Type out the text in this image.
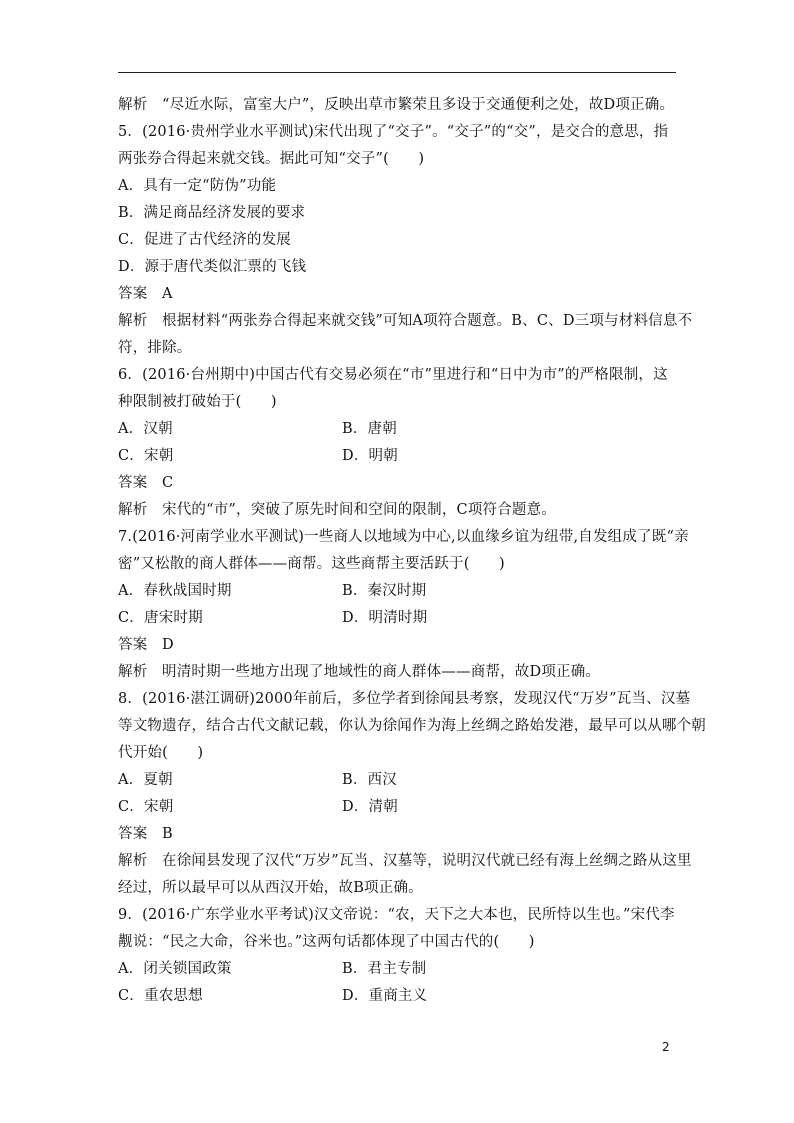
解析 “尽近水际，富室大户”，反映出草市繁荣且多设于交通便利之处，故D项正确。
5．(2016·贵州学业水平测试)宋代出现了“交子”。“交子”的“交”，是交合的意思，指
两张券合得起来就交钱。据此可知“交子”(　　)
A．具有一定“防伪”功能
B．满足商品经济发展的要求
C．促进了古代经济的发展
D．源于唐代类似汇票的飞钱
答案 A
解析 根据材料“两张券合得起来就交钱”可知A项符合题意。B、C、D三项与材料信息不
符，排除。
6．(2016·台州期中)中国古代有交易必须在“市”里进行和“日中为市”的严格限制，这
种限制被打破始于(　　)
A．汉朝	B．唐朝
C．宋朝	D．明朝
答案 C
解析 宋代的“市”，突破了原先时间和空间的限制，C项符合题意。
7.(2016·河南学业水平测试)一些商人以地域为中心,以血缘乡谊为纽带,自发组成了既“亲
密”又松散的商人群体——商帮。这些商帮主要活跃于(　　)
A．春秋战国时期	B．秦汉时期
C．唐宋时期	D．明清时期
答案 D
解析 明清时期一些地方出现了地域性的商人群体——商帮，故D项正确。
8．(2016·湛江调研)2000年前后，多位学者到徐闻县考察，发现汉代“万岁”瓦当、汉墓
等文物遗存，结合古代文献记载，你认为徐闻作为海上丝绸之路始发港，最早可以从哪个朝
代开始(　　)
A．夏朝	B．西汉
C．宋朝	D．清朝
答案 B
解析 在徐闻县发现了汉代“万岁”瓦当、汉墓等，说明汉代就已经有海上丝绸之路从这里
经过，所以最早可以从西汉开始，故B项正确。
9．(2016·广东学业水平考试)汉文帝说：“农，天下之大本也，民所恃以生也。”宋代李
觏说：“民之大命，谷米也。”这两句话都体现了中国古代的(　　)
A．闭关锁国政策	B．君主专制
C．重农思想	D．重商主义
2
